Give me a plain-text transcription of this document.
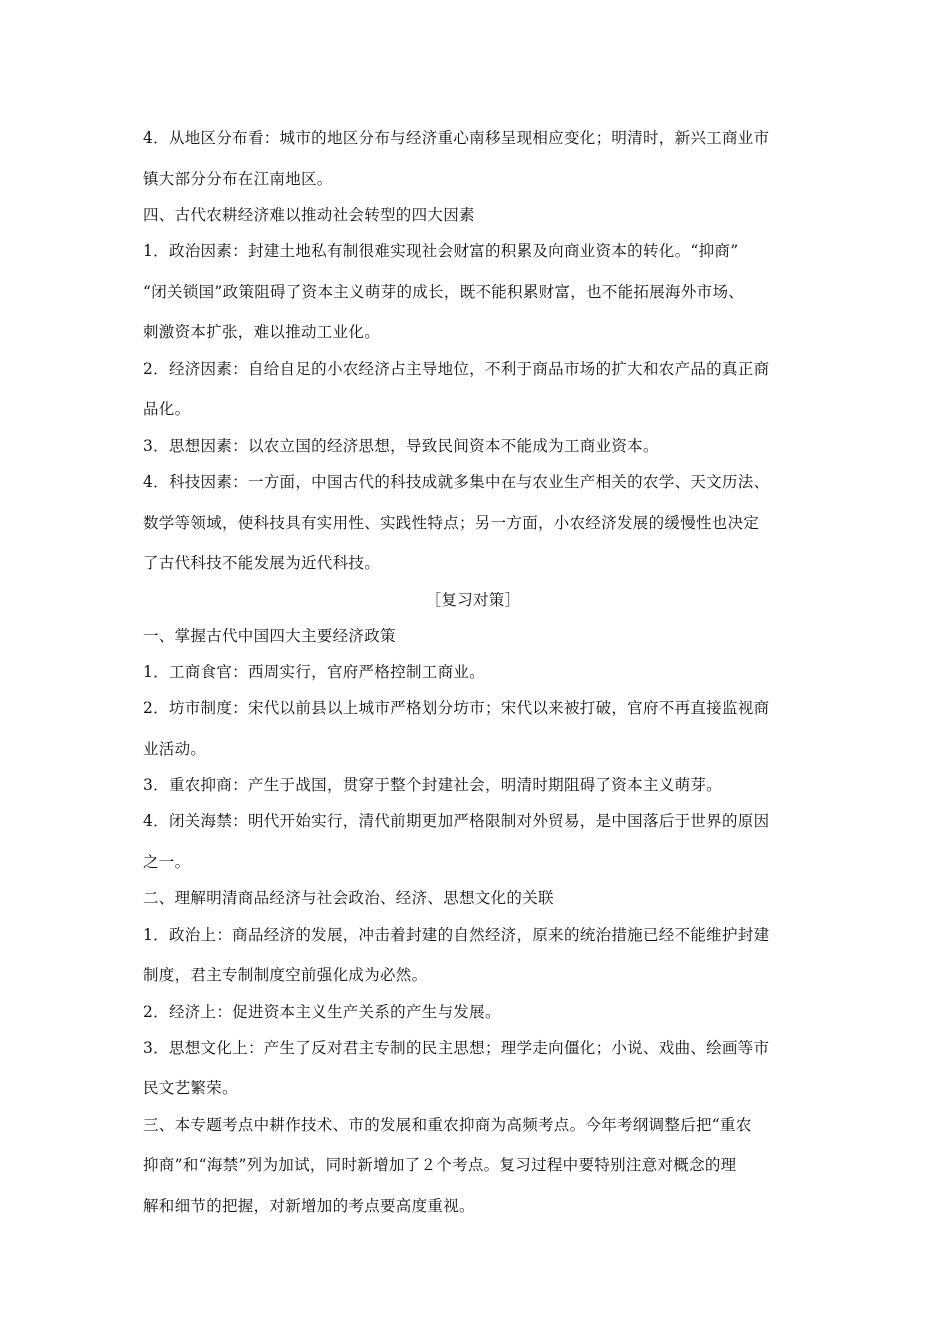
4．从地区分布看：城市的地区分布与经济重心南移呈现相应变化；明清时，新兴工商业市
镇大部分分布在江南地区。
四、古代农耕经济难以推动社会转型的四大因素
1．政治因素：封建土地私有制很难实现社会财富的积累及向商业资本的转化。“抑商”
“闭关锁国”政策阻碍了资本主义萌芽的成长，既不能积累财富，也不能拓展海外市场、
刺激资本扩张，难以推动工业化。
2．经济因素：自给自足的小农经济占主导地位，不利于商品市场的扩大和农产品的真正商
品化。
3．思想因素：以农立国的经济思想，导致民间资本不能成为工商业资本。
4．科技因素：一方面，中国古代的科技成就多集中在与农业生产相关的农学、天文历法、
数学等领域，使科技具有实用性、实践性特点；另一方面，小农经济发展的缓慢性也决定
了古代科技不能发展为近代科技。
［复习对策］
一、掌握古代中国四大主要经济政策
1．工商食官：西周实行，官府严格控制工商业。
2．坊市制度：宋代以前县以上城市严格划分坊市；宋代以来被打破，官府不再直接监视商
业活动。
3．重农抑商：产生于战国，贯穿于整个封建社会，明清时期阻碍了资本主义萌芽。
4．闭关海禁：明代开始实行，清代前期更加严格限制对外贸易，是中国落后于世界的原因
之一。
二、理解明清商品经济与社会政治、经济、思想文化的关联
1．政治上：商品经济的发展，冲击着封建的自然经济，原来的统治措施已经不能维护封建
制度，君主专制制度空前强化成为必然。
2．经济上：促进资本主义生产关系的产生与发展。
3．思想文化上：产生了反对君主专制的民主思想；理学走向僵化；小说、戏曲、绘画等市
民文艺繁荣。
三、本专题考点中耕作技术、市的发展和重农抑商为高频考点。今年考纲调整后把“重农
抑商”和“海禁”列为加试，同时新增加了２个考点。复习过程中要特别注意对概念的理
解和细节的把握，对新增加的考点要高度重视。
